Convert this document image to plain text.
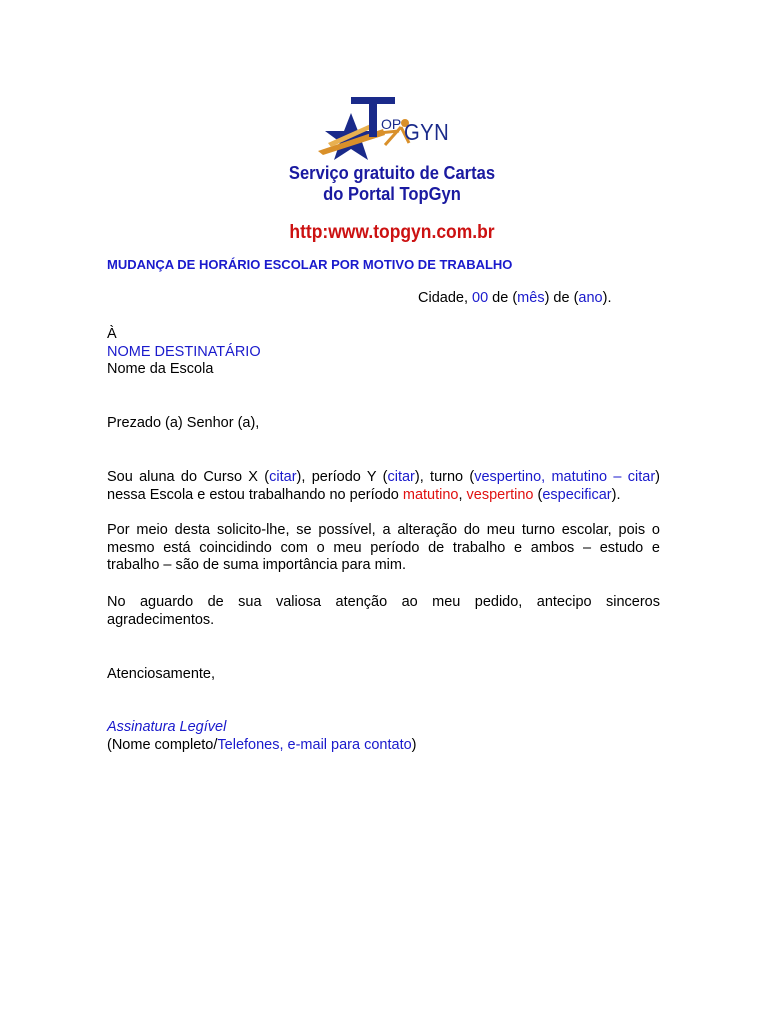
OP GYN
Serviço gratuito de Cartas
do Portal TopGyn
http:www.topgyn.com.br
MUDANÇA DE HORÁRIO ESCOLAR POR MOTIVO DE TRABALHO
Cidade, 00 de (mês) de (ano).
À
NOME DESTINATÁRIO
Nome da Escola
Prezado (a) Senhor (a),
Sou aluna do Curso X (citar), período Y (citar), turno (vespertino, matutino – citar)
nessa Escola e estou trabalhando no período matutino, vespertino (especificar).
Por meio desta solicito-lhe, se possível, a alteração do meu turno escolar, pois o
mesmo está coincidindo com o meu período de trabalho e ambos – estudo e
trabalho – são de suma importância para mim.
No aguardo de sua valiosa atenção ao meu pedido, antecipo sinceros
agradecimentos.
Atenciosamente,
Assinatura Legível
(Nome completo/Telefones, e-mail para contato)
